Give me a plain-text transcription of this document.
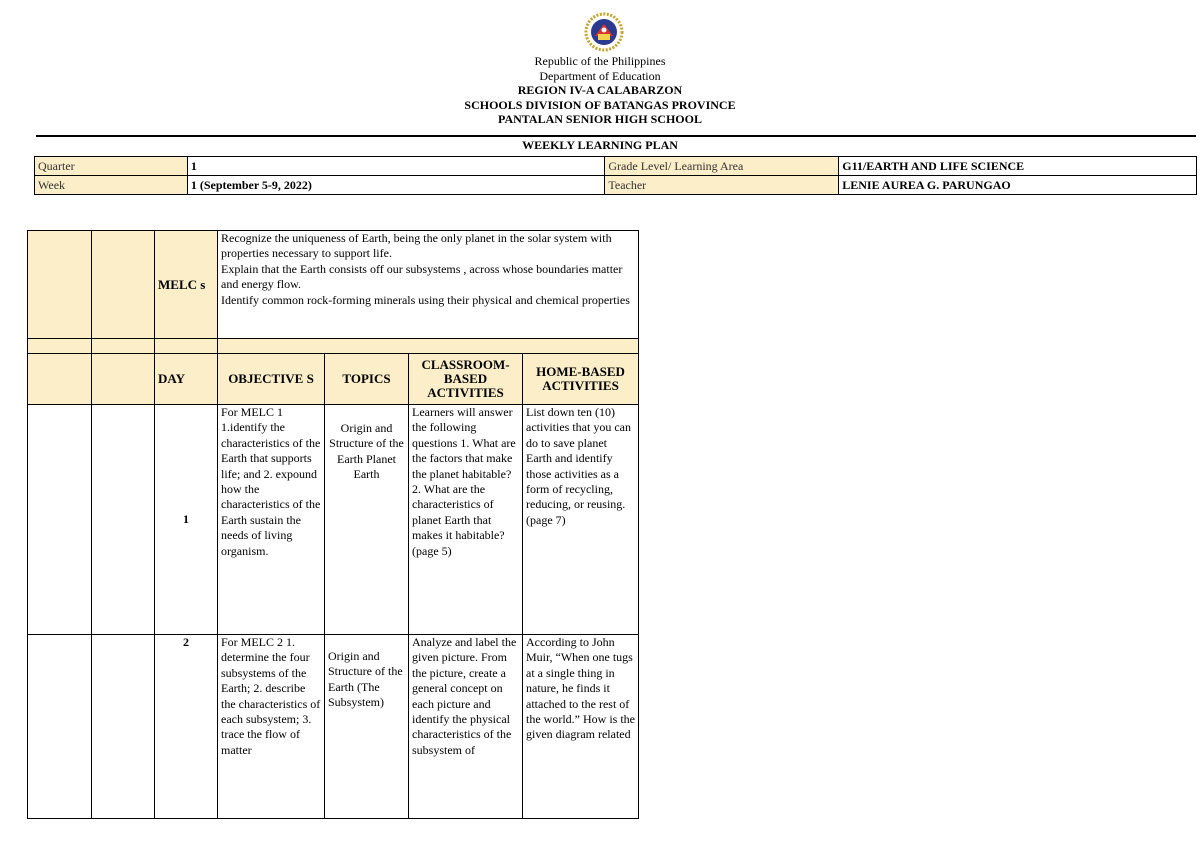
Republic of the Philippines
Department of Education
REGION IV-A CALABARZON
SCHOOLS DIVISION OF BATANGAS PROVINCE
PANTALAN SENIOR HIGH SCHOOL
WEEKLY LEARNING PLAN
Quarter	1	Grade Level/ Learning Area	G11/EARTH AND LIFE SCIENCE
Week	1 (September 5-9, 2022)	Teacher	LENIE AUREA G. PARUNGAO
		MELC s	Recognize the uniqueness of Earth, being the only planet in the solar system with properties necessary to support life.
Explain that the Earth consists off our subsystems , across whose boundaries matter and energy flow.
Identify common rock-forming minerals using their physical and chemical properties			

		DAY	OBJECTIVE S	TOPICS	CLASSROOM-BASED ACTIVITIES	HOME-BASED ACTIVITIES
		1	For MELC 1 1.identify the characteristics of the Earth that supports life; and 2. expound how the characteristics of the Earth sustain the needs of living organism.	Origin and Structure of the Earth Planet Earth	Learners will answer the following questions 1. What are the factors that make the planet habitable? 2. What are the characteristics of planet Earth that makes it habitable?(page 5)	List down ten (10) activities that you can do to save planet Earth and identify those activities as a form of recycling, reducing, or reusing.(page 7)
		2	For MELC 2 1. determine the four subsystems of the Earth; 2. describe the characteristics of each subsystem; 3. trace the flow of matter	Origin and Structure of the Earth (The Subsystem)	Analyze and label the given picture. From the picture, create a general concept on each picture and identify the physical characteristics of the subsystem of	According to John Muir, “When one tugs at a single thing in nature, he finds it attached to the rest of the world.” How is the given diagram related
